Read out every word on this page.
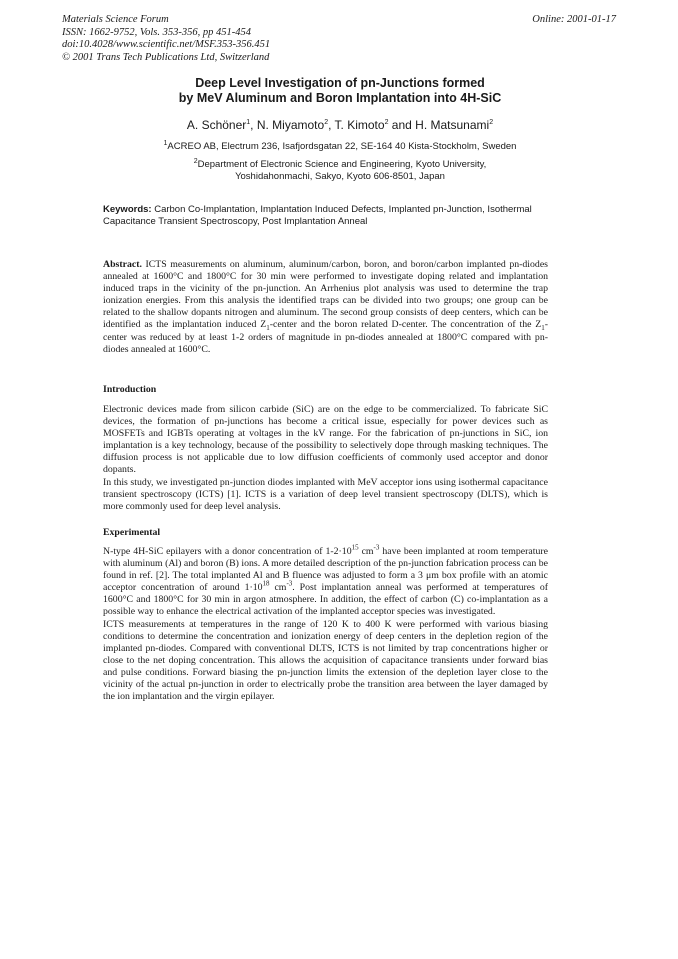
Materials Science Forum
ISSN: 1662-9752, Vols. 353-356, pp 451-454
doi:10.4028/www.scientific.net/MSF.353-356.451
© 2001 Trans Tech Publications Ltd, Switzerland
Online: 2001-01-17
Deep Level Investigation of pn-Junctions formed
by MeV Aluminum and Boron Implantation into 4H-SiC
A. Schöner$^1$, N. Miyamoto$^2$, T. Kimoto$^2$ and H. Matsunami$^2$
$^1$ACREO AB, Electrum 236, Isafjordsgatan 22, SE-164 40 Kista-Stockholm, Sweden
$^2$Department of Electronic Science and Engineering, Kyoto University,
Yoshidahonmachi, Sakyo, Kyoto 606-8501, Japan
Keywords: Carbon Co-Implantation, Implantation Induced Defects, Implanted pn-Junction, Isothermal Capacitance Transient Spectroscopy, Post Implantation Anneal

Abstract. ICTS measurements on aluminum, aluminum/carbon, boron, and boron/carbon implanted pn-diodes annealed at 1600°C and 1800°C for 30 min were performed to investigate doping related and implantation induced traps in the vicinity of the pn-junction. An Arrhenius plot analysis was used to determine the trap ionization energies. From this analysis the identified traps can be divided into two groups; one group can be related to the shallow dopants nitrogen and aluminum. The second group consists of deep centers, which can be identified as the implantation induced $Z_1$-center and the boron related D-center. The concentration of the $Z_1$-center was reduced by at least 1-2 orders of magnitude in pn-diodes annealed at 1800°C compared with pn-diodes annealed at 1600°C.

Introduction

Electronic devices made from silicon carbide (SiC) are on the edge to be commercialized. To fabricate SiC devices, the formation of pn-junctions has become a critical issue, especially for power devices such as MOSFETs and IGBTs operating at voltages in the kV range. For the fabrication of pn-junctions in SiC, ion implantation is a key technology, because of the possibility to selectively dope through masking techniques. The diffusion process is not applicable due to low diffusion coefficients of commonly used acceptor and donor dopants.

In this study, we investigated pn-junction diodes implanted with MeV acceptor ions using isothermal capacitance transient spectroscopy (ICTS) [1]. ICTS is a variation of deep level transient spectroscopy (DLTS), which is more commonly used for deep level analysis.

Experimental

N-type 4H-SiC epilayers with a donor concentration of $1-2\cdot 10^{15}$ $cm^{-3}$ have been implanted at room temperature with aluminum (Al) and boron (B) ions. A more detailed description of the pn-junction fabrication process can be found in ref. [2]. The total implanted Al and B fluence was adjusted to form a 3 μm box profile with an atomic acceptor concentration of around $1\cdot 10^{18}$ $cm^{-3}$. Post implantation anneal was performed at temperatures of 1600°C and 1800°C for 30 min in argon atmosphere. In addition, the effect of carbon (C) co-implantation as a possible way to enhance the electrical activation of the implanted acceptor species was investigated.

ICTS measurements at temperatures in the range of 120 K to 400 K were performed with various biasing conditions to determine the concentration and ionization energy of deep centers in the depletion region of the implanted pn-diodes. Compared with conventional DLTS, ICTS is not limited by trap concentrations higher or close to the net doping concentration. This allows the acquisition of capacitance transients under forward bias and pulse conditions. Forward biasing the pn-junction limits the extension of the depletion layer close to the vicinity of the actual pn-junction in order to electrically probe the transition area between the layer damaged by the ion implantation and the virgin epilayer.
